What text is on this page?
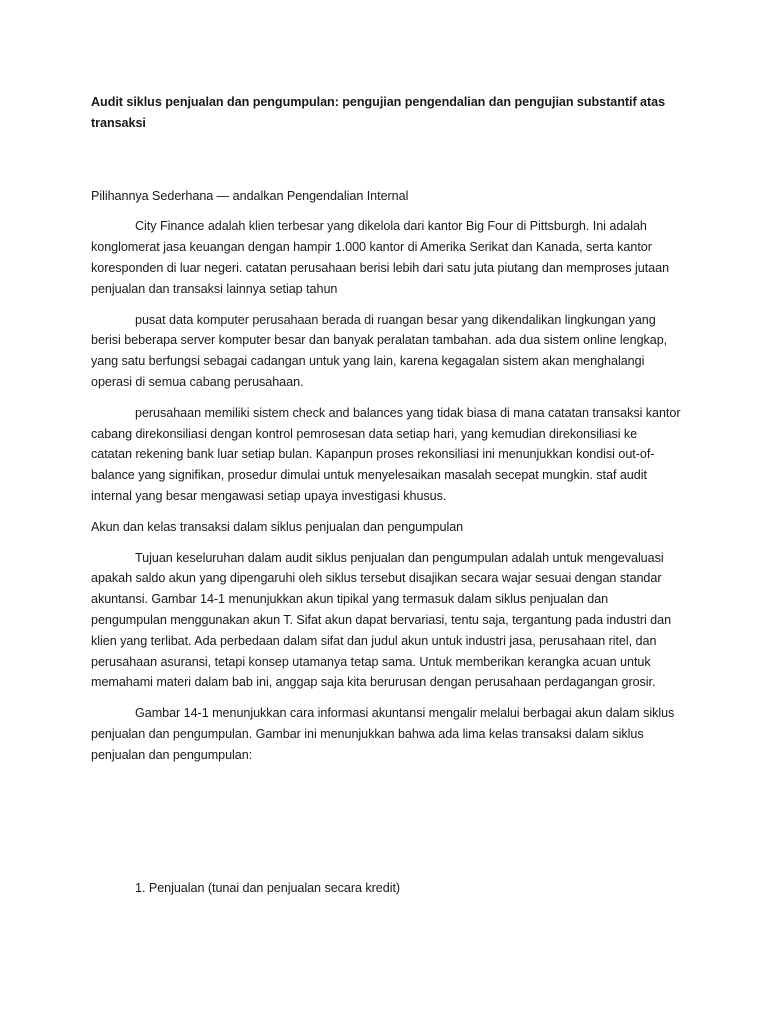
Audit siklus penjualan dan pengumpulan: pengujian pengendalian dan pengujian substantif atas transaksi

Pilihannya Sederhana — andalkan Pengendalian Internal

City Finance adalah klien terbesar yang dikelola dari kantor Big Four di Pittsburgh. Ini adalah konglomerat jasa keuangan dengan hampir 1.000 kantor di Amerika Serikat dan Kanada, serta kantor koresponden di luar negeri. catatan perusahaan berisi lebih dari satu juta piutang dan memproses jutaan penjualan dan transaksi lainnya setiap tahun

pusat data komputer perusahaan berada di ruangan besar yang dikendalikan lingkungan yang berisi beberapa server komputer besar dan banyak peralatan tambahan. ada dua sistem online lengkap, yang satu berfungsi sebagai cadangan untuk yang lain, karena kegagalan sistem akan menghalangi operasi di semua cabang perusahaan.

perusahaan memiliki sistem check and balances yang tidak biasa di mana catatan transaksi kantor cabang direkonsiliasi dengan kontrol pemrosesan data setiap hari, yang kemudian direkonsiliasi ke catatan rekening bank luar setiap bulan. Kapanpun proses rekonsiliasi ini menunjukkan kondisi out-of-balance yang signifikan, prosedur dimulai untuk menyelesaikan masalah secepat mungkin. staf audit internal yang besar mengawasi setiap upaya investigasi khusus.

Akun dan kelas transaksi dalam siklus penjualan dan pengumpulan

Tujuan keseluruhan dalam audit siklus penjualan dan pengumpulan adalah untuk mengevaluasi apakah saldo akun yang dipengaruhi oleh siklus tersebut disajikan secara wajar sesuai dengan standar akuntansi. Gambar 14-1 menunjukkan akun tipikal yang termasuk dalam siklus penjualan dan pengumpulan menggunakan akun T. Sifat akun dapat bervariasi, tentu saja, tergantung pada industri dan klien yang terlibat. Ada perbedaan dalam sifat dan judul akun untuk industri jasa, perusahaan ritel, dan perusahaan asuransi, tetapi konsep utamanya tetap sama. Untuk memberikan kerangka acuan untuk memahami materi dalam bab ini, anggap saja kita berurusan dengan perusahaan perdagangan grosir.

Gambar 14-1 menunjukkan cara informasi akuntansi mengalir melalui berbagai akun dalam siklus penjualan dan pengumpulan. Gambar ini menunjukkan bahwa ada lima kelas transaksi dalam siklus penjualan dan pengumpulan:

1. Penjualan (tunai dan penjualan secara kredit)
